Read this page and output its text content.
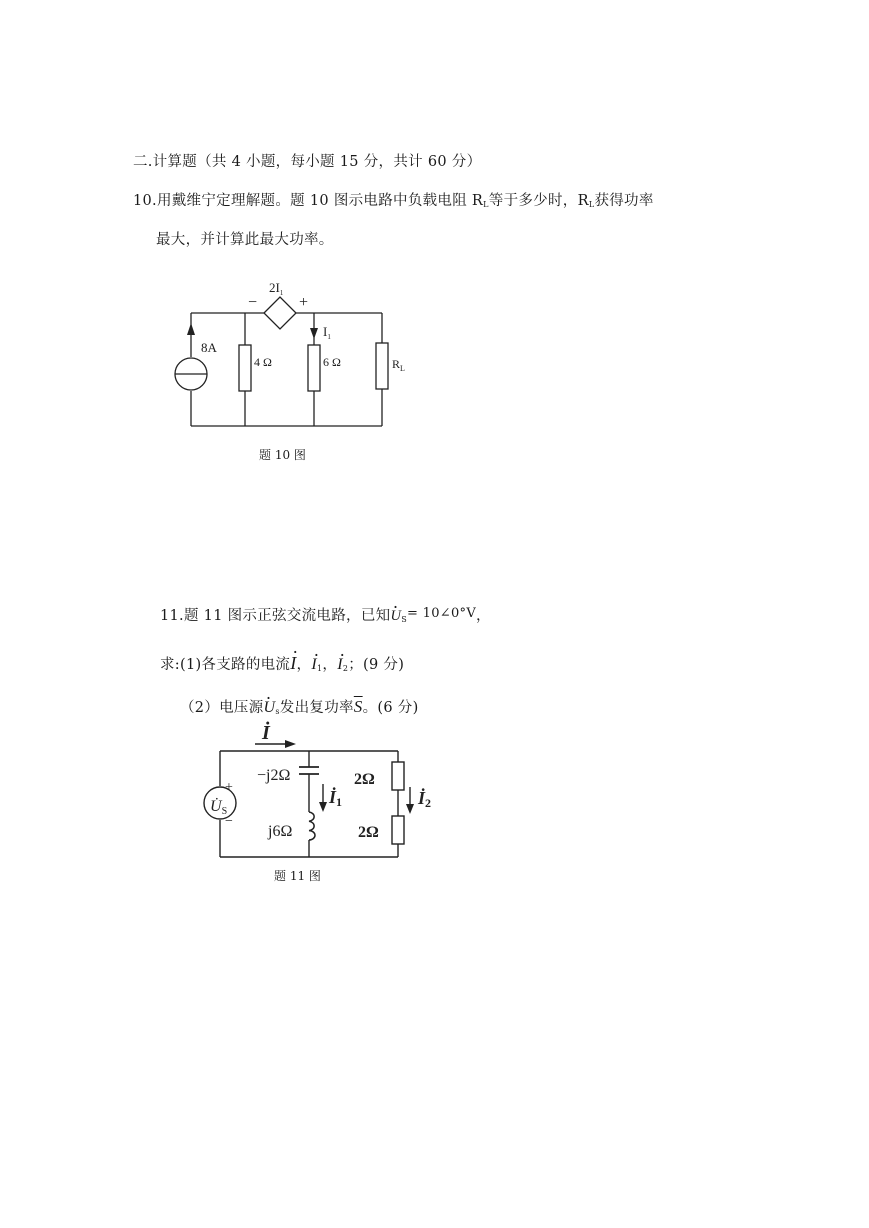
二.计算题（共 4 小题，每小题 15 分，共计 60 分）
10.用戴维宁定理解题。题 10 图示电路中负载电阻 $R_L$等于多少时，$R_L$获得功率
最大，并计算此最大功率。
8A
4 Ω	6 Ω	$R_L$
$2I_1$
−	+
$I_1$
题 10 图
11.题 11 图示正弦交流电路，已知· $U_S=$ 10∠0°V，
求:(1)各支路的电流· I，· $I_1$，· $I_2$；(9 分)
（2）电压源· $U_s$发出复功率$\overline{S}$。(6 分)
İ
−j2Ω
j6Ω
İ1
2Ω
2Ω
İ2
U̇S
+
−
题 11 图
